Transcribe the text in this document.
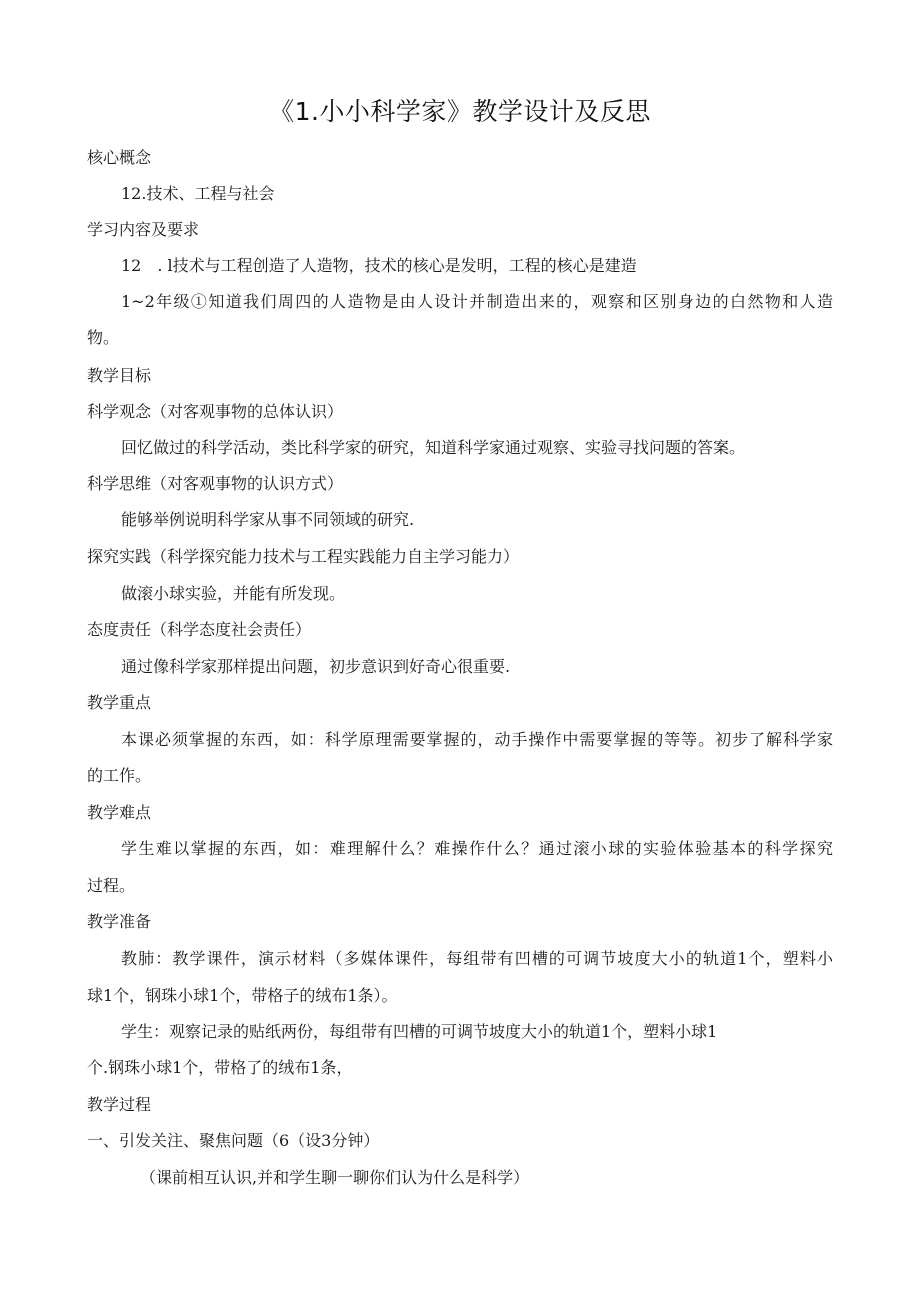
《1.小小科学家》教学设计及反思

核心概念

12.技术、工程与社会

学习内容及要求

12　. l技术与工程创造了人造物，技术的核心是发明，工程的核心是建造

1~2年级①知道我们周四的人造物是由人设计并制造出来的，观察和区别身边的白然物和人造

物。

教学目标

科学观念（对客观事物的总体认识）

回忆做过的科学活动，类比科学家的研究，知道科学家通过观察、实验寻找问题的答案。

科学思维（对客观事物的认识方式）

能够举例说明科学家从事不同领域的研究.

探究实践（科学探究能力技术与工程实践能力自主学习能力）

做滚小球实验，并能有所发现。

态度责任（科学态度社会责任）

通过像科学家那样提出问题，初步意识到好奇心很重要.

教学重点

本课必须掌握的东西，如：科学原理需要掌握的，动手操作中需要掌握的等等。初步了解科学家

的工作。

教学难点

学生难以掌握的东西，如：难理解什么？难操作什么？通过滚小球的实验体验基本的科学探究

过程。

教学准备

教肺：教学课件，演示材料（多媒体课件，每组带有凹槽的可调节坡度大小的轨道1个，塑料小

球1个，钢珠小球1个，带格子的绒布1条）。

学生：观察记录的贴纸两份，每组带有凹槽的可调节坡度大小的轨道1个，塑料小球1

个.钢珠小球1个，带格了的绒布1条，

教学过程

一、引发关注、聚焦问题（6（设3分钟）

（课前相互认识,并和学生聊一聊你们认为什么是科学）
